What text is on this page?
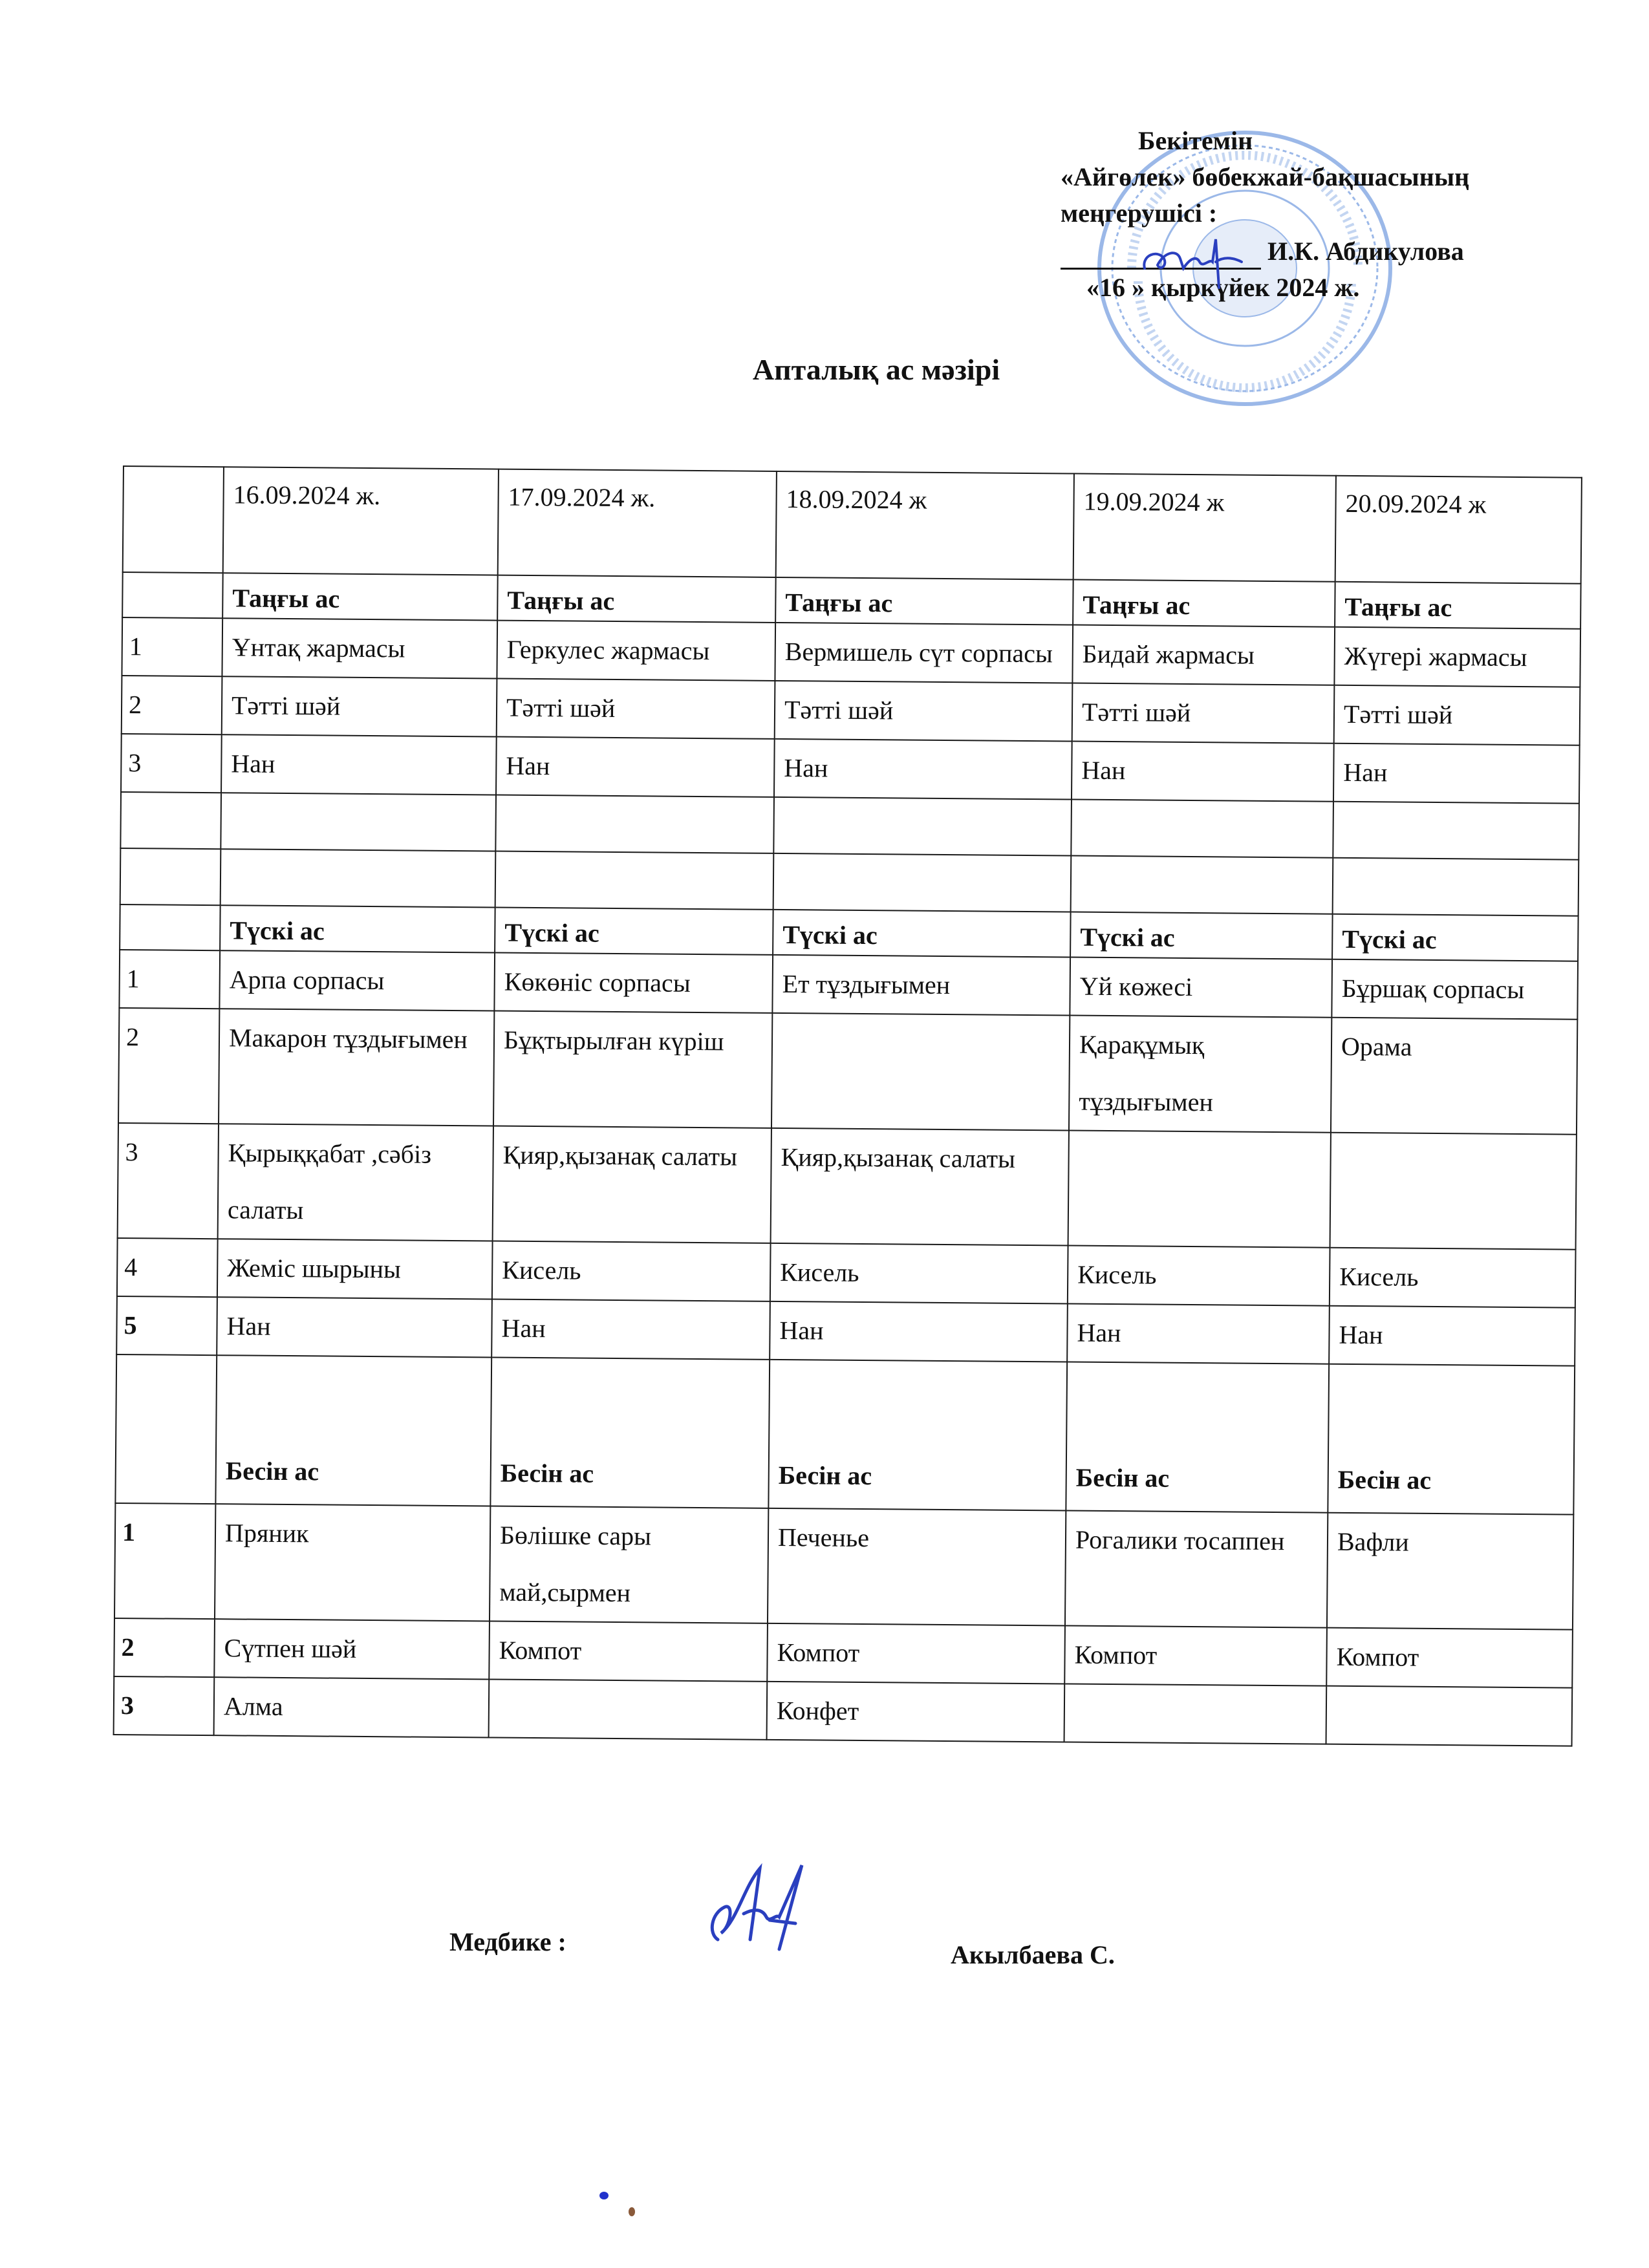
Бекітемін
«Айгөлек» бөбекжай-бақшасының
меңгерушісі :
И.К. Абдикулова
«16 » қыркүйек 2024 ж.
Апталық ас мәзірі
	16.09.2024 ж.	17.09.2024 ж.	18.09.2024 ж	19.09.2024 ж	20.09.2024 ж
	Таңғы ас	Таңғы ас	Таңғы ас	Таңғы ас	Таңғы ас
1	Ұнтақ жармасы	Геркулес жармасы	Вермишель сүт сорпасы	Бидай жармасы	Жүгері жармасы
2	Тәтті шәй	Тәтті шәй	Тәтті шәй	Тәтті шәй	Тәтті шәй
3	Нан	Нан	Нан	Нан	Нан

	Түскі ас	Түскі ас	Түскі ас	Түскі ас	Түскі ас
1	Арпа сорпасы	Көкөніс сорпасы	Ет тұздығымен	Үй көжесі	Бұршақ сорпасы
2	Макарон тұздығымен	Бұқтырылған күріш		Қарақұмық тұздығымен	Орама
3	Қырыққабат ,сәбіз салаты	Қияр,қызанақ салаты	Қияр,қызанақ салаты		
4	Жеміс шырыны	Кисель	Кисель	Кисель	Кисель
5	Нан	Нан	Нан	Нан	Нан
	Бесін ас	Бесін ас	Бесін ас	Бесін ас	Бесін ас
1	Пряник	Бөлішке сары май,сырмен	Печенье	Рогалики тосаппен	Вафли
2	Сүтпен шәй	Компот	Компот	Компот	Компот
3	Алма		Конфет		
Медбике :	Акылбаева С.
